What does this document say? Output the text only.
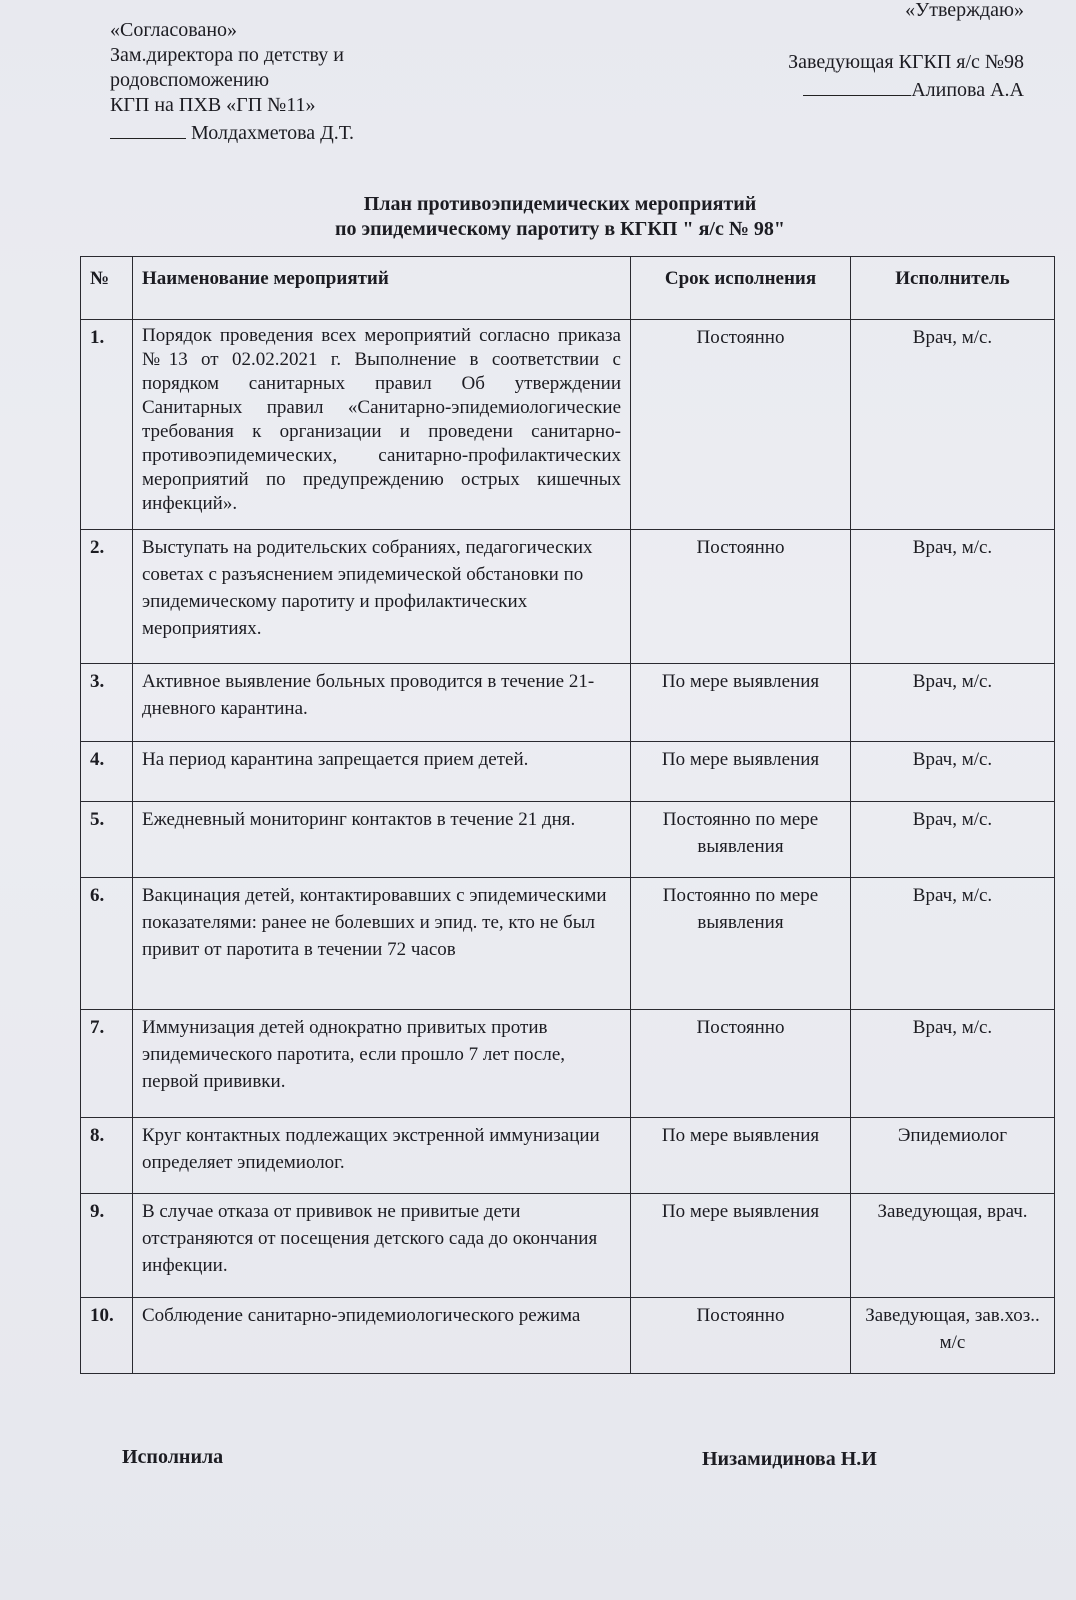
«Утверждаю»
«Согласовано»
Зам.директора по детству и
родовспоможению
КГП на ПХВ «ГП №11»
Молдахметова Д.Т.
Заведующая КГКП я/с №98
Алипова А.А
План противоэпидемических мероприятий
по эпидемическому паротиту в КГКП " я/с № 98"
№	Наименование мероприятий	Срок исполнения	Исполнитель
1.	Порядок проведения всех мероприятий согласно приказа №13 от 02.02.2021 г. Выполнение в соответствии с порядком санитарных правил Об утверждении Санитарных правил «Санитарно-эпидемиологические требования к организации и проведени санитарно-противоэпидемических, санитарно-профилактических мероприятий по предупреждению острых кишечных инфекций».	Постоянно	Врач, м/с.
2.	Выступать на родительских собраниях, педагогических советах с разъяснением эпидемической обстановки по эпидемическому паротиту и профилактических мероприятиях.	Постоянно	Врач, м/с.
3.	Активное выявление больных проводится в течение 21-дневного карантина.	По мере выявления	Врач, м/с.
4.	На период карантина запрещается прием детей.	По мере выявления	Врач, м/с.
5.	Ежедневный мониторинг контактов в течение 21 дня.	Постоянно по мере выявления	Врач, м/с.
6.	Вакцинация детей, контактировавших с эпидемическими показателями: ранее не болевших и эпид. те, кто не был привит от паротита в течении 72 часов	Постоянно по мере выявления	Врач, м/с.
7.	Иммунизация детей однократно привитых против эпидемического паротита, если прошло 7 лет после, первой прививки.	Постоянно	Врач, м/с.
8.	Круг контактных подлежащих экстренной иммунизации определяет эпидемиолог.	По мере выявления	Эпидемиолог
9.	В случае отказа от прививок не привитые дети отстраняются от посещения детского сада до окончания инфекции.	По мере выявления	Заведующая, врач.
10.	Соблюдение санитарно-эпидемиологического режима	Постоянно	Заведующая, зав.хоз.. м/с
Исполнила	Низамидинова Н.И
